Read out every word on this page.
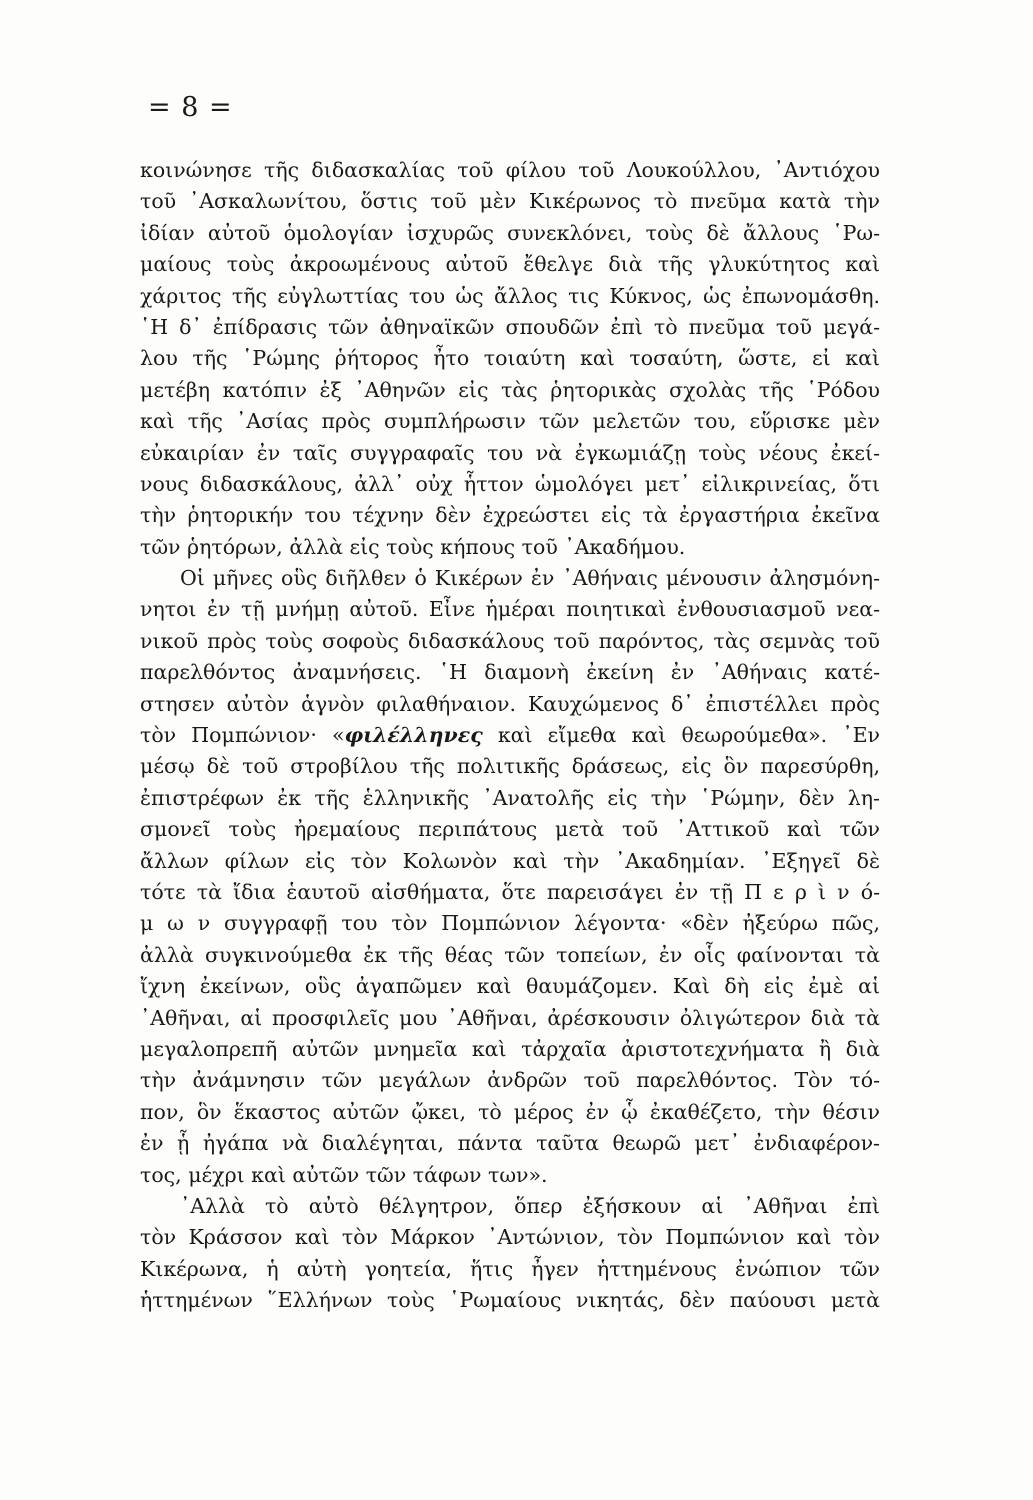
= 8 =
κοινώνησε τῆς διδασκαλίας τοῦ φίλου τοῦ Λουκούλλου, ᾿Αντιόχου
τοῦ ᾿Ασκαλωνίτου, ὅστις τοῦ μὲν Κικέρωνος τὸ πνεῦμα κατὰ τὴν
ἰδίαν αὐτοῦ ὁμολογίαν ἰσχυρῶς συνεκλόνει, τοὺς δὲ ἄλλους ῾Ρω-
μαίους τοὺς ἀκροωμένους αὐτοῦ ἔθελγε διὰ τῆς γλυκύτητος καὶ
χάριτος τῆς εὐγλωττίας του ὡς ἄλλος τις Κύκνος, ὡς ἐπωνομάσθη.
῾Η δ᾿ ἐπίδρασις τῶν ἀθηναϊκῶν σπουδῶν ἐπὶ τὸ πνεῦμα τοῦ μεγά-
λου τῆς ῾Ρώμης ῥήτορος ἦτο τοιαύτη καὶ τοσαύτη, ὥστε, εἰ καὶ
μετέβη κατόπιν ἐξ ᾿Αθηνῶν εἰς τὰς ῥητορικὰς σχολὰς τῆς ῾Ρόδου
καὶ τῆς ᾿Ασίας πρὸς συμπλήρωσιν τῶν μελετῶν του, εὕρισκε μὲν
εὐκαιρίαν ἐν ταῖς συγγραφαῖς του νὰ ἐγκωμιάζῃ τοὺς νέους ἐκεί-
νους διδασκάλους, ἀλλ᾿ οὐχ ἧττον ὡμολόγει μετ᾿ εἰλικρινείας, ὅτι
τὴν ῥητορικήν του τέχνην δὲν ἐχρεώστει εἰς τὰ ἐργαστήρια ἐκεῖνα
τῶν ῥητόρων, ἀλλὰ εἰς τοὺς κήπους τοῦ ᾿Ακαδήμου.
Οἱ μῆνες οὓς διῆλθεν ὁ Κικέρων ἐν ᾿Αθήναις μένουσιν ἀλησμόνη-
νητοι ἐν τῇ μνήμῃ αὐτοῦ. Εἶνε ἡμέραι ποιητικαὶ ἐνθουσιασμοῦ νεα-
νικοῦ πρὸς τοὺς σοφοὺς διδασκάλους τοῦ παρόντος, τὰς σεμνὰς τοῦ
παρελθόντος ἀναμνήσεις. ῾Η διαμονὴ ἐκείνη ἐν ᾿Αθήναις κατέ-
στησεν αὐτὸν ἁγνὸν φιλαθήναιον. Καυχώμενος δ᾿ ἐπιστέλλει πρὸς
τὸν Πομπώνιον· «φιλέλληνες καὶ εἴμεθα καὶ θεωρούμεθα». ᾿Εν
μέσῳ δὲ τοῦ στροβίλου τῆς πολιτικῆς δράσεως, εἰς ὃν παρεσύρθη,
ἐπιστρέφων ἐκ τῆς ἑλληνικῆς ᾿Ανατολῆς εἰς τὴν ῾Ρώμην, δὲν λη-
σμονεῖ τοὺς ἠρεμαίους περιπάτους μετὰ τοῦ ᾿Αττικοῦ καὶ τῶν
ἄλλων φίλων εἰς τὸν Κολωνὸν καὶ τὴν ᾿Ακαδημίαν. ᾿Εξηγεῖ δὲ
τότε τὰ ἴδια ἑαυτοῦ αἰσθήματα, ὅτε παρεισάγει ἐν τῇ Π ε ρ ὶ ν ό-
μ ω ν συγγραφῇ του τὸν Πομπώνιον λέγοντα· «δὲν ἠξεύρω πῶς,
ἀλλὰ συγκινούμεθα ἐκ τῆς θέας τῶν τοπείων, ἐν οἷς φαίνονται τὰ
ἴχνη ἐκείνων, οὓς ἀγαπῶμεν καὶ θαυμάζομεν. Καὶ δὴ εἰς ἐμὲ αἱ
᾿Αθῆναι, αἱ προσφιλεῖς μου ᾿Αθῆναι, ἀρέσκουσιν ὀλιγώτερον διὰ τὰ
μεγαλοπρεπῆ αὐτῶν μνημεῖα καὶ τἀρχαῖα ἀριστοτεχνήματα ἢ διὰ
τὴν ἀνάμνησιν τῶν μεγάλων ἀνδρῶν τοῦ παρελθόντος. Τὸν τό-
πον, ὃν ἕκαστος αὐτῶν ᾤκει, τὸ μέρος ἐν ᾧ ἐκαθέζετο, τὴν θέσιν
ἐν ᾗ ἠγάπα νὰ διαλέγηται, πάντα ταῦτα θεωρῶ μετ᾿ ἐνδιαφέρον-
τος, μέχρι καὶ αὐτῶν τῶν τάφων των».
᾿Αλλὰ τὸ αὐτὸ θέλγητρον, ὅπερ ἐξήσκουν αἱ ᾿Αθῆναι ἐπὶ
τὸν Κράσσον καὶ τὸν Μάρκον ᾿Αντώνιον, τὸν Πομπώνιον καὶ τὸν
Κικέρωνα, ἡ αὐτὴ γοητεία, ἥτις ἦγεν ἡττημένους ἐνώπιον τῶν
ἡττημένων ῞Ελλήνων τοὺς ῾Ρωμαίους νικητάς, δὲν παύουσι μετὰ
